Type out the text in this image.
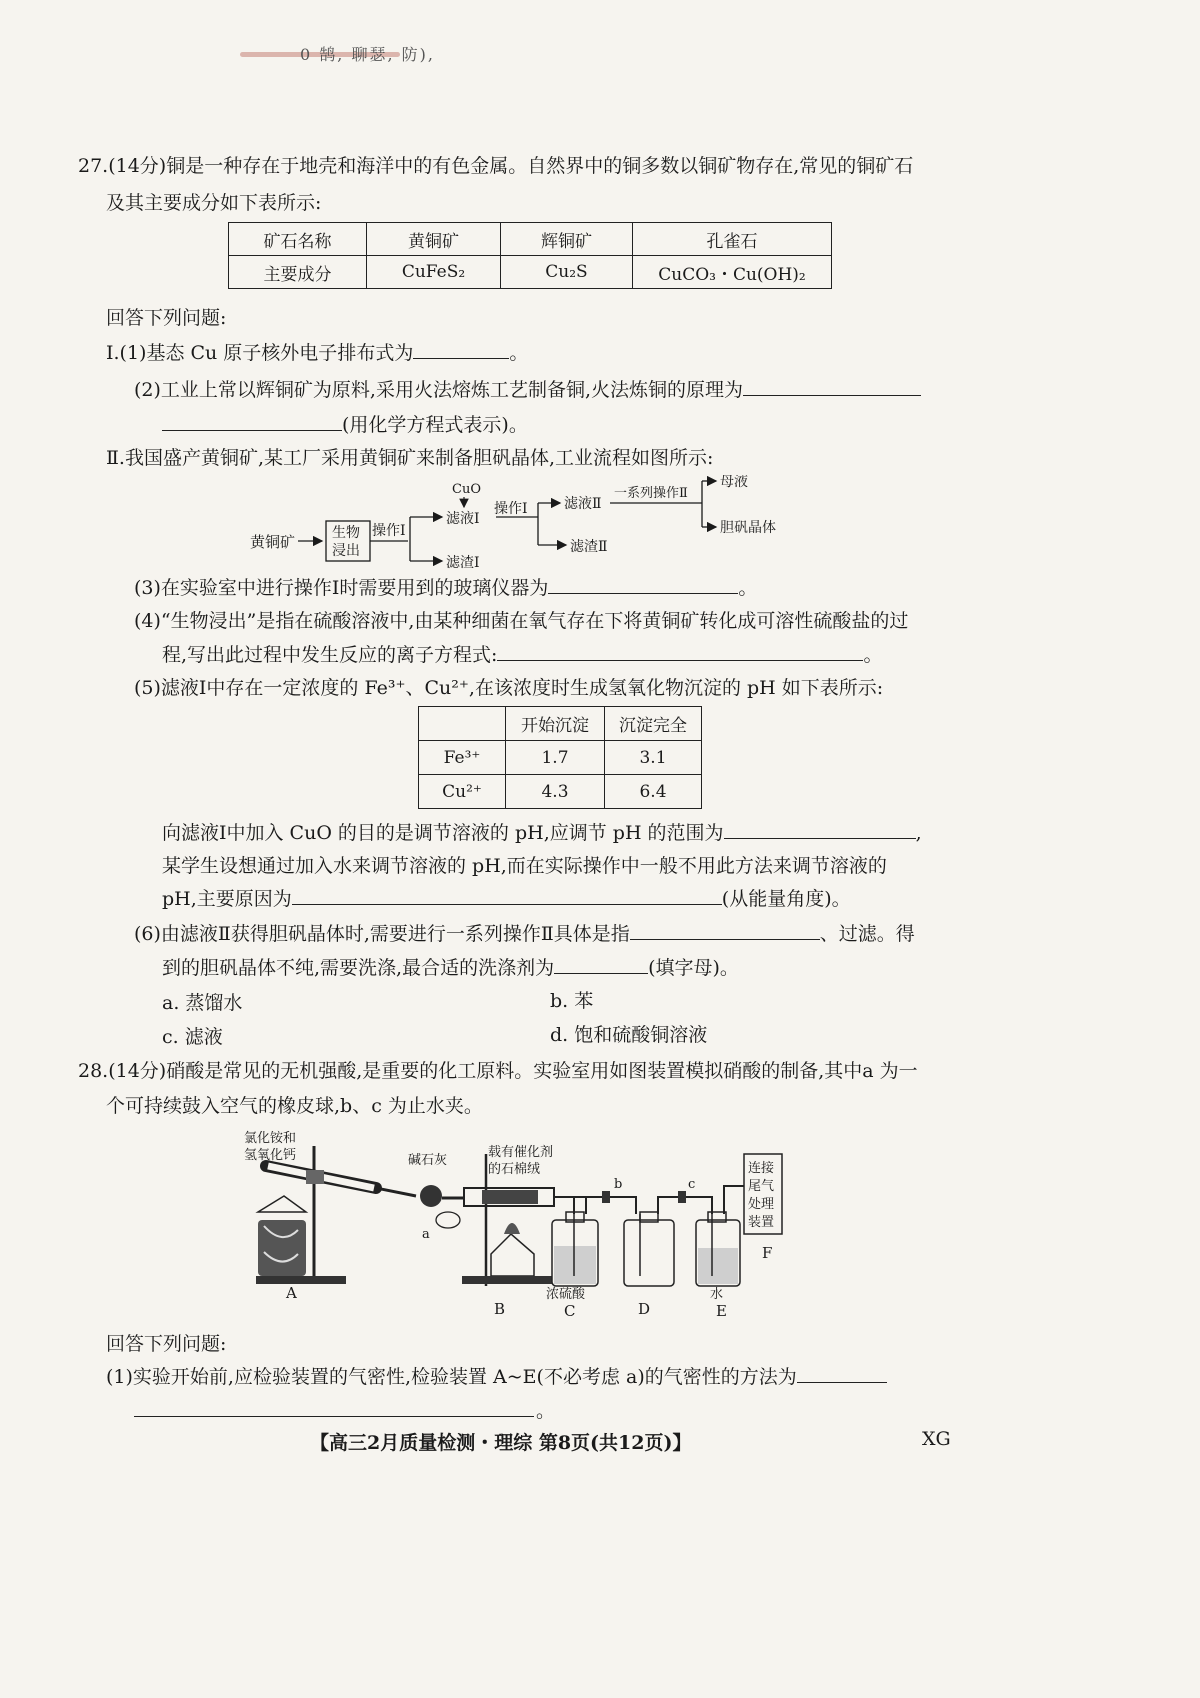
0 鹄, 聊瑟, 防),
27.(14分)铜是一种存在于地壳和海洋中的有色金属。自然界中的铜多数以铜矿物存在,常见的铜矿石
及其主要成分如下表所示:
矿石名称	黄铜矿	辉铜矿	孔雀石
主要成分	CuFeS₂	Cu₂S	CuCO₃・Cu(OH)₂
回答下列问题:
Ⅰ.(1)基态 Cu 原子核外电子排布式为	。
(2)工业上常以辉铜矿为原料,采用火法熔炼工艺制备铜,火法炼铜的原理为
(用化学方程式表示)。
Ⅱ.我国盛产黄铜矿,某工厂采用黄铜矿来制备胆矾晶体,工业流程如图所示:
黄铜矿	生物
浸出
操作Ⅰ
CuO
滤液Ⅰ
滤渣Ⅰ
操作Ⅰ	滤液Ⅱ
滤渣Ⅱ
一系列操作Ⅱ
母液
胆矾晶体
(3)在实验室中进行操作Ⅰ时需要用到的玻璃仪器为	。
(4)“生物浸出”是指在硫酸溶液中,由某种细菌在氧气存在下将黄铜矿转化成可溶性硫酸盐的过
程,写出此过程中发生反应的离子方程式:	。
(5)滤液Ⅰ中存在一定浓度的 Fe³⁺、Cu²⁺,在该浓度时生成氢氧化物沉淀的 pH 如下表所示:
	开始沉淀	沉淀完全
Fe³⁺	1.7	3.1
Cu²⁺	4.3	6.4
向滤液Ⅰ中加入 CuO 的目的是调节溶液的 pH,应调节 pH 的范围为	,
某学生设想通过加入水来调节溶液的 pH,而在实际操作中一般不用此方法来调节溶液的
pH,主要原因为	(从能量角度)。
(6)由滤液Ⅱ获得胆矾晶体时,需要进行一系列操作Ⅱ具体是指	、过滤。得
到的胆矾晶体不纯,需要洗涤,最合适的洗涤剂为	(填字母)。
a. 蒸馏水	b. 苯
c. 滤液	d. 饱和硫酸铜溶液
28.(14分)硝酸是常见的无机强酸,是重要的化工原料。实验室用如图装置模拟硝酸的制备,其中a 为一
个可持续鼓入空气的橡皮球,b、c 为止水夹。
氯化铵和
氢氧化钙	碱石灰
a
载有催化剂
的石棉绒
浓硫酸
b	c
水
连接
尾气
处理
装置
A
B	C	D	E
F
回答下列问题:
(1)实验开始前,应检验装置的气密性,检验装置 A~E(不必考虑 a)的气密性的方法为
。
【高三2月质量检测・理综 第8页(共12页)】	XG
